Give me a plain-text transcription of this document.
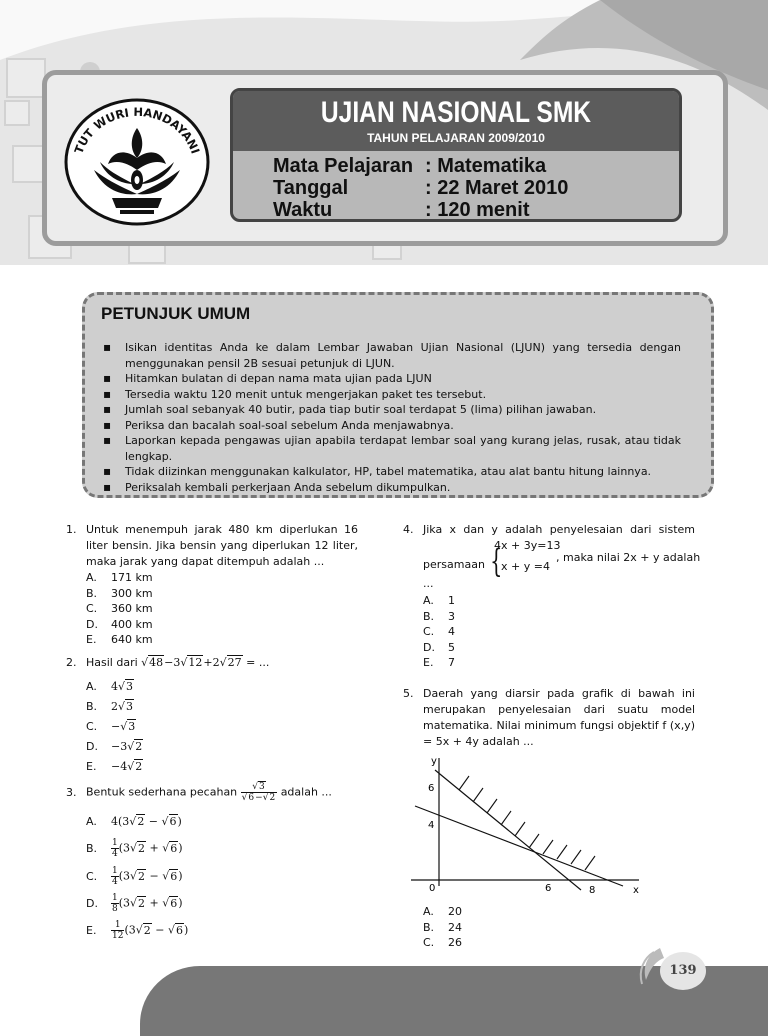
TUT WURI HANDAYANI
UJIAN NASIONAL SMK
TAHUN PELAJARAN 2009/2010
Mata Pelajaran : Matematika
Tanggal	: 22 Maret 2010
Waktu	: 120 menit
PETUNJUK UMUM
▪ Isikan identitas Anda ke dalam Lembar Jawaban Ujian Nasional (LJUN) yang tersedia dengan menggunakan pensil 2B sesuai petunjuk di LJUN.
▪ Hitamkan bulatan di depan nama mata ujian pada LJUN
▪ Tersedia waktu 120 menit untuk mengerjakan paket tes tersebut.
▪ Jumlah soal sebanyak 40 butir, pada tiap butir soal terdapat 5 (lima) pilihan jawaban.
▪ Periksa dan bacalah soal-soal sebelum Anda menjawabnya.
▪ Laporkan kepada pengawas ujian apabila terdapat lembar soal yang kurang jelas, rusak, atau tidak lengkap.
▪ Tidak diizinkan menggunakan kalkulator, HP, tabel matematika, atau alat bantu hitung lainnya.
▪ Periksalah kembali perkerjaan Anda sebelum dikumpulkan.
1. Untuk menempuh jarak 480 km diperlukan 16 liter bensin. Jika bensin yang diperlukan 12 liter, maka jarak yang dapat ditempuh adalah ...
A. 171 km
B. 300 km
C. 360 km
D. 400 km
E. 640 km
2. Hasil dari √48−3√12+2√27 = ...
A. 4√3
B. 2√3
C. −√3
D. −3√2
E. −4√2
3. Bentuk sederhana pecahan $\frac{√3}{√6-√2}$ adalah ...
A. 4(3√2 − √6)
B. $\frac{1}{4} (3√2 + √6)$
C. $\frac{1}{4} (3√2 - √6)$
D. $\frac{1}{8} (3√2 + √6)$
E. $\frac{1}{12} (3√2 - √6)$
4. Jika x dan y adalah penyelesaian dari sistem
persamaan {
4x + 3y=13
x + y =4
, maka nilai 2x + y adalah
...
A. 1
B. 3
C. 4
D. 5
E. 7
5. Daerah yang diarsir pada grafik di bawah ini merupakan penyelesaian dari suatu model matematika. Nilai minimum fungsi objektif f (x,y) = 5x + 4y adalah ...
y
x
6
4
0	6	8
A. 20
B. 24
C. 26
139
